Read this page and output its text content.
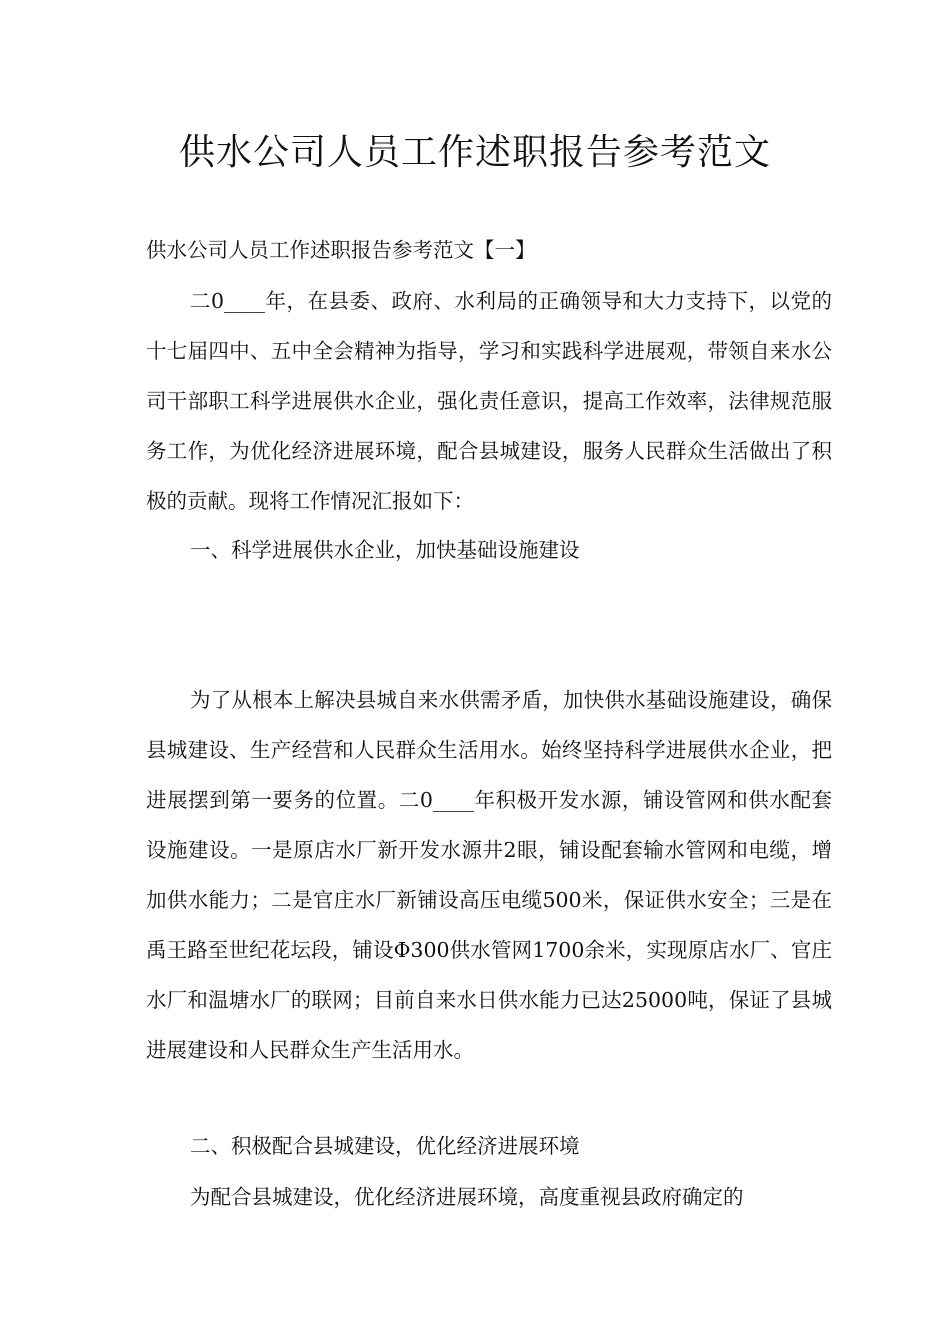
供水公司人员工作述职报告参考范文

供水公司人员工作述职报告参考范文【一】

二0____年，在县委、政府、水利局的正确领导和大力支持下，以党的十七届四中、五中全会精神为指导，学习和实践科学进展观，带领自来水公司干部职工科学进展供水企业，强化责任意识，提高工作效率，法律规范服务工作，为优化经济进展环境，配合县城建设，服务人民群众生活做出了积极的贡献。现将工作情况汇报如下：

一、科学进展供水企业，加快基础设施建设

为了从根本上解决县城自来水供需矛盾，加快供水基础设施建设，确保县城建设、生产经营和人民群众生活用水。始终坚持科学进展供水企业，把进展摆到第一要务的位置。二0____年积极开发水源，铺设管网和供水配套设施建设。一是原店水厂新开发水源井2眼，铺设配套输水管网和电缆，增加供水能力；二是官庄水厂新铺设高压电缆500米，保证供水安全；三是在禹王路至世纪花坛段，铺设Φ300供水管网1700余米，实现原店水厂、官庄水厂和温塘水厂的联网；目前自来水日供水能力已达25000吨，保证了县城进展建设和人民群众生产生活用水。

二、积极配合县城建设，优化经济进展环境

为配合县城建设，优化经济进展环境，高度重视县政府确定的
